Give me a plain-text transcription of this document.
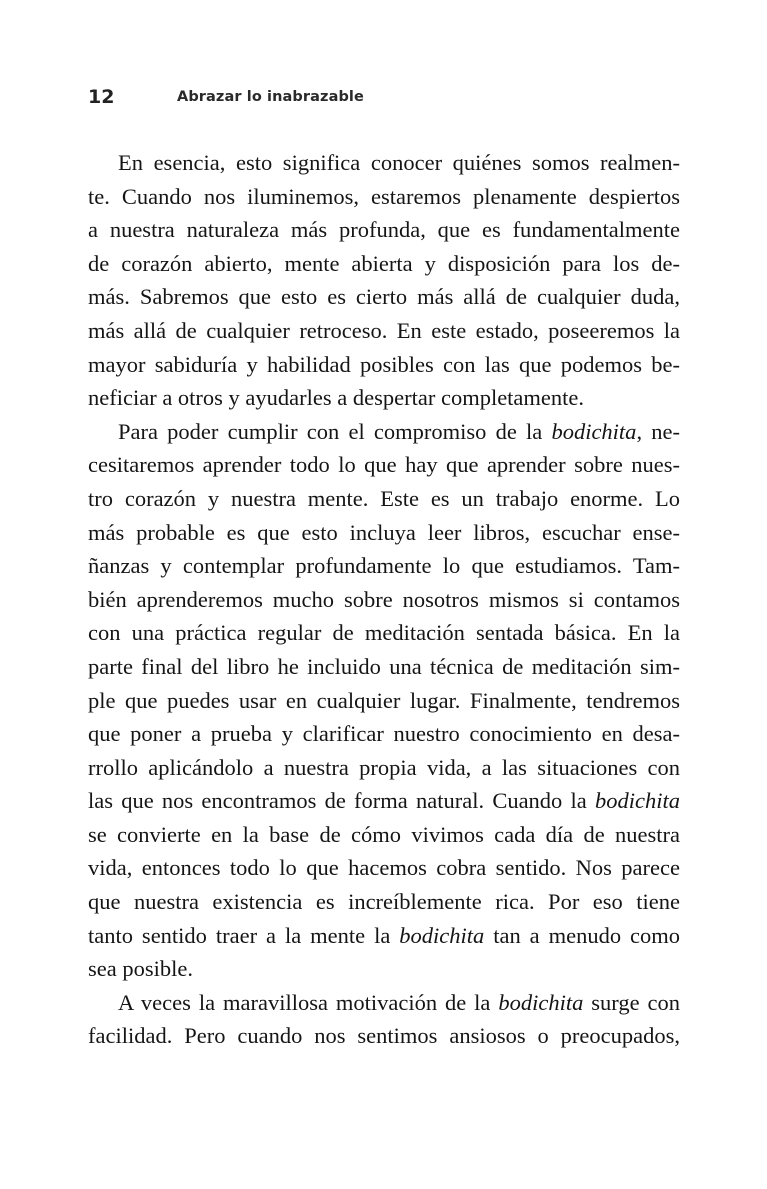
12	Abrazar lo inabrazable
En esencia, esto significa conocer quiénes somos realmen-
te. Cuando nos iluminemos, estaremos plenamente despiertos
a nuestra naturaleza más profunda, que es fundamentalmente
de corazón abierto, mente abierta y disposición para los de-
más. Sabremos que esto es cierto más allá de cualquier duda,
más allá de cualquier retroceso. En este estado, poseeremos la
mayor sabiduría y habilidad posibles con las que podemos be-
neficiar a otros y ayudarles a despertar completamente.
Para poder cumplir con el compromiso de la bodichita, ne-
cesitaremos aprender todo lo que hay que aprender sobre nues-
tro corazón y nuestra mente. Este es un trabajo enorme. Lo
más probable es que esto incluya leer libros, escuchar ense-
ñanzas y contemplar profundamente lo que estudiamos. Tam-
bién aprenderemos mucho sobre nosotros mismos si contamos
con una práctica regular de meditación sentada básica. En la
parte final del libro he incluido una técnica de meditación sim-
ple que puedes usar en cualquier lugar. Finalmente, tendremos
que poner a prueba y clarificar nuestro conocimiento en desa-
rrollo aplicándolo a nuestra propia vida, a las situaciones con
las que nos encontramos de forma natural. Cuando la bodichita
se convierte en la base de cómo vivimos cada día de nuestra
vida, entonces todo lo que hacemos cobra sentido. Nos parece
que nuestra existencia es increíblemente rica. Por eso tiene
tanto sentido traer a la mente la bodichita tan a menudo como
sea posible.
A veces la maravillosa motivación de la bodichita surge con
facilidad. Pero cuando nos sentimos ansiosos o preocupados,
